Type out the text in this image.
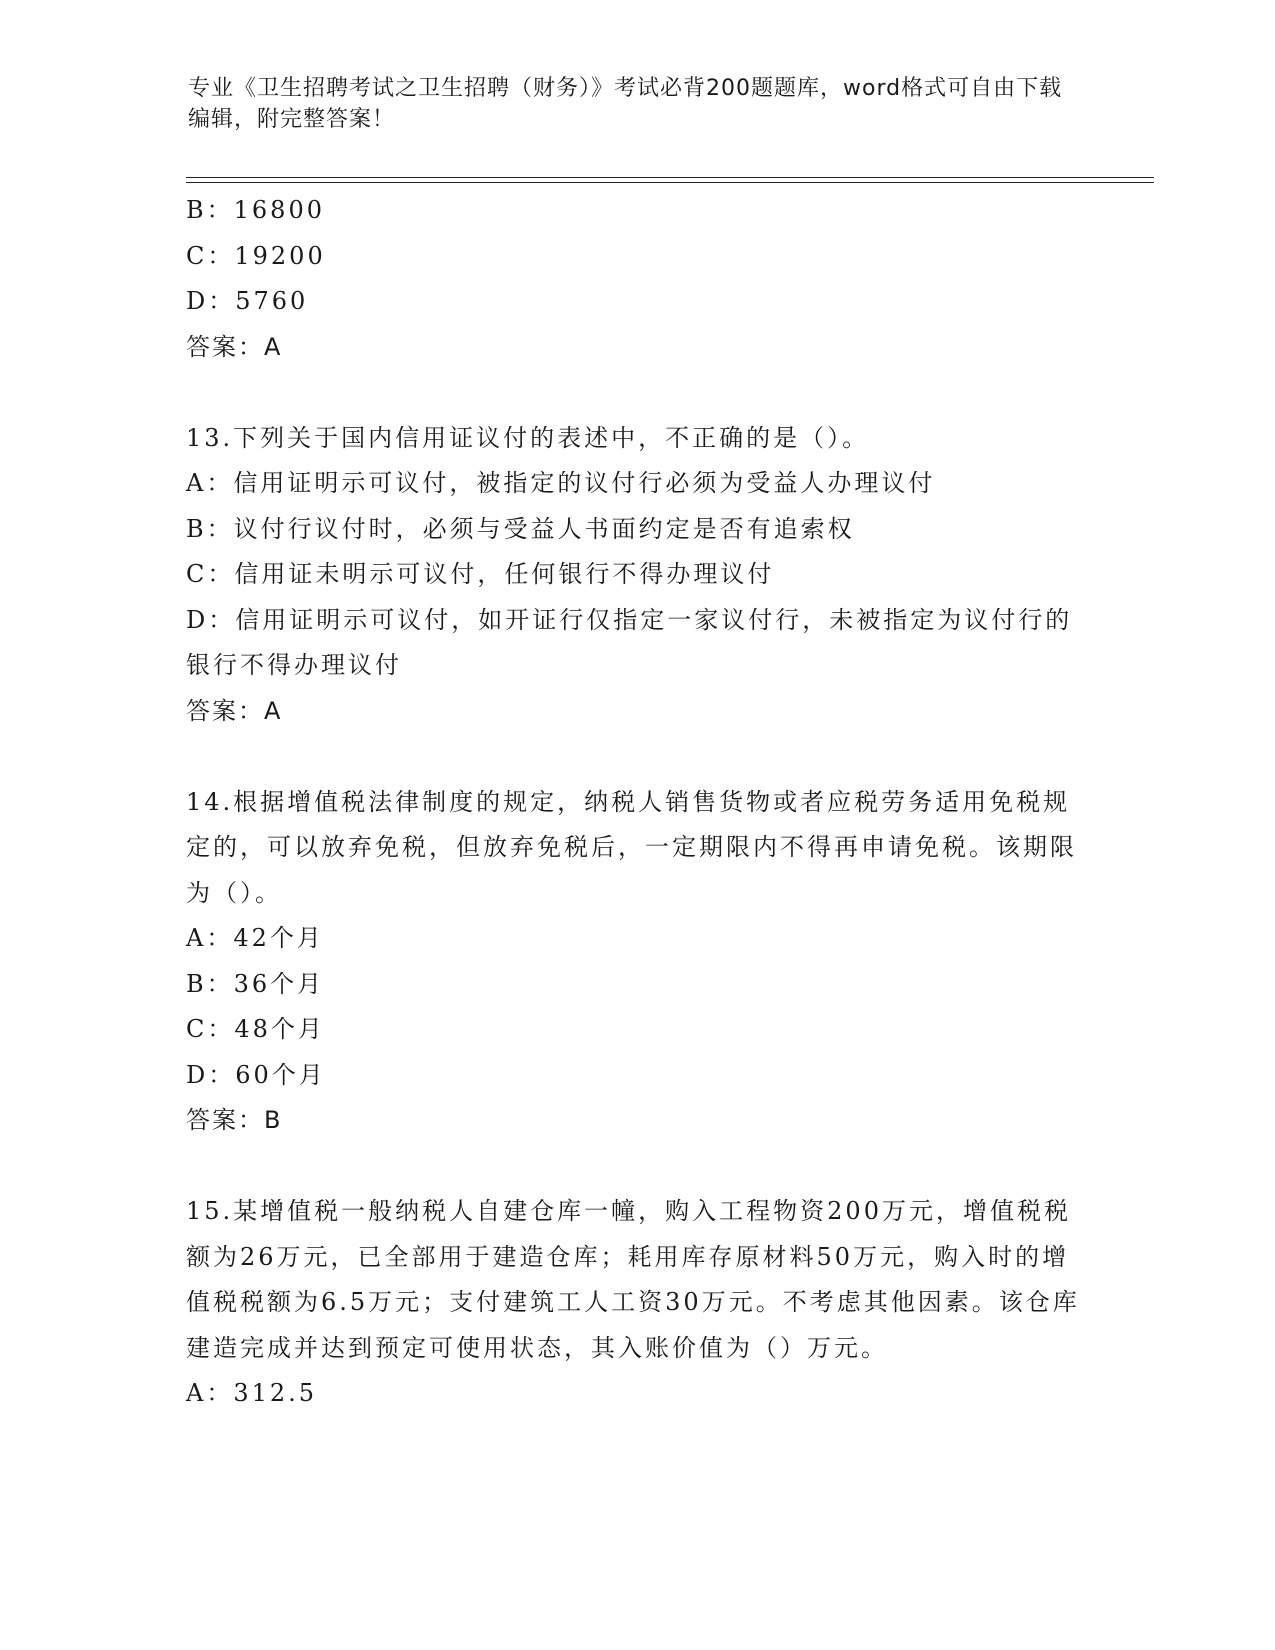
专业《卫生招聘考试之卫生招聘（财务）》考试必背200题题库，word格式可自由下载编辑，附完整答案！

B：16800

C：19200

D：5760

答案：A

13.下列关于国内信用证议付的表述中，不正确的是（）。

A：信用证明示可议付，被指定的议付行必须为受益人办理议付

B：议付行议付时，必须与受益人书面约定是否有追索权

C：信用证未明示可议付，任何银行不得办理议付

D：信用证明示可议付，如开证行仅指定一家议付行，未被指定为议付行的银行不得办理议付

答案：A

14.根据增值税法律制度的规定，纳税人销售货物或者应税劳务适用免税规定的，可以放弃免税，但放弃免税后，一定期限内不得再申请免税。该期限为（）。

A：42个月

B：36个月

C：48个月

D：60个月

答案：B

15.某增值税一般纳税人自建仓库一幢，购入工程物资200万元，增值税税额为26万元，已全部用于建造仓库；耗用库存原材料50万元，购入时的增值税税额为6.5万元；支付建筑工人工资30万元。不考虑其他因素。该仓库建造完成并达到预定可使用状态，其入账价值为（）万元。

A：312.5
